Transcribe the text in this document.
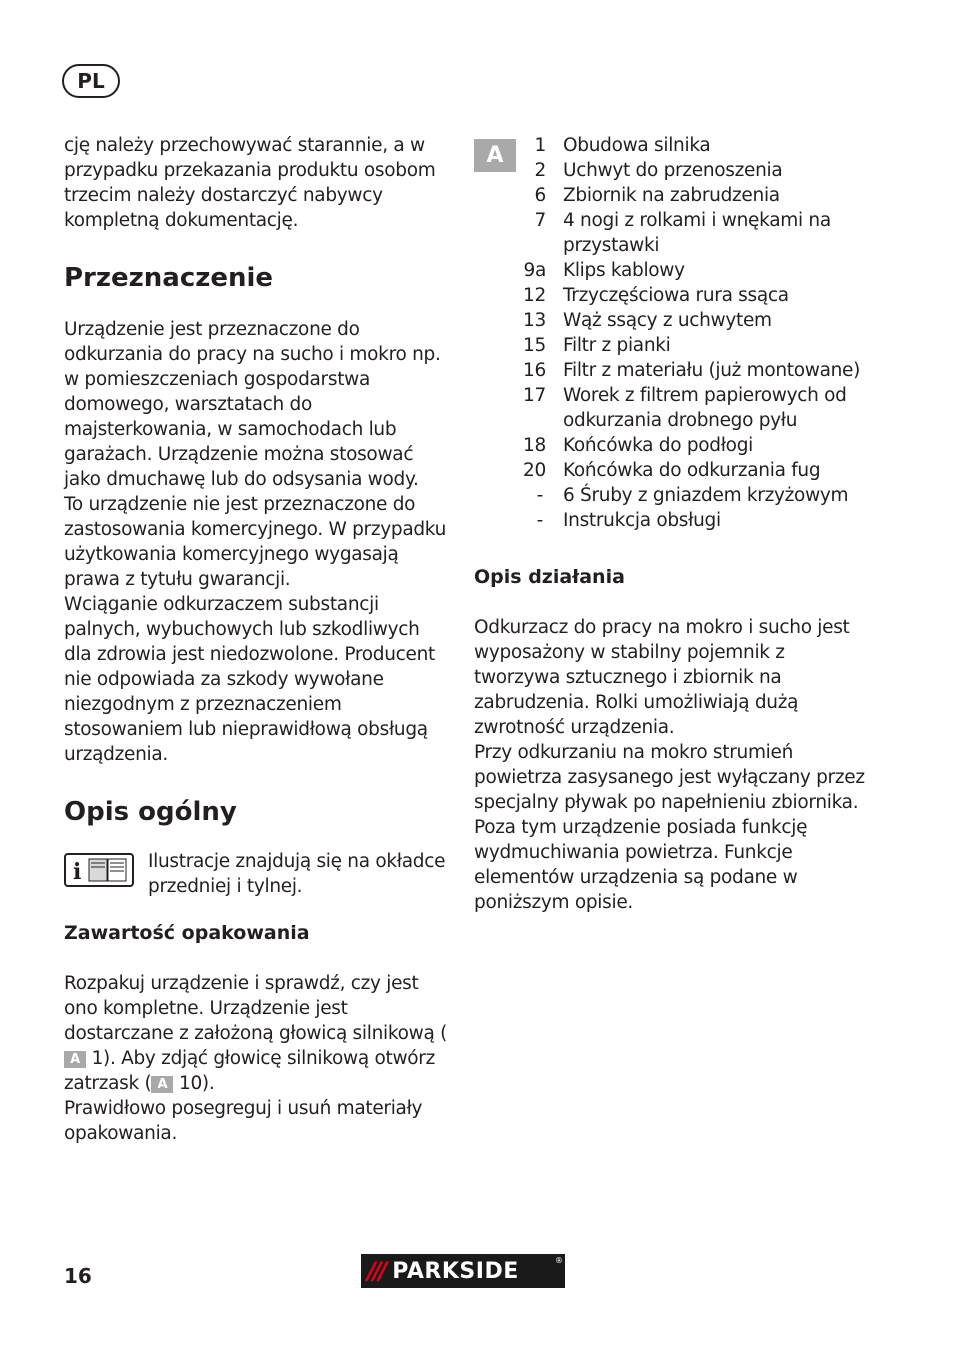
PL

cję należy przechowywać starannie, a w przypadku przekazania produktu osobom trzecim należy dostarczyć nabywcy kompletną dokumentację.

Przeznaczenie

Urządzenie jest przeznaczone do odkurzania do pracy na sucho i mokro np. w pomieszczeniach gospodarstwa domowego, warsztatach do majsterkowania, w samochodach lub garażach. Urządzenie można stosować jako dmuchawę lub do odsysania wody.

To urządzenie nie jest przeznaczone do zastosowania komercyjnego. W przypadku użytkowania komercyjnego wygasają prawa z tytułu gwarancji.

Wciąganie odkurzaczem substancji palnych, wybuchowych lub szkodliwych dla zdrowia jest niedozwolone. Producent nie odpowiada za szkody wywołane niezgodnym z przeznaczeniem stosowaniem lub nieprawidłową obsługą urządzenia.

Opis ogólny
i	Ilustracje znajdują się na okładce przedniej i tylnej.

Zawartość opakowania

Rozpakuj urządzenie i sprawdź, czy jest ono kompletne. Urządzenie jest dostarczane z założoną głowicą silnikową (A 1). Aby zdjąć głowicę silnikową otwórz zatrzask ( A 10).

Prawidłowo posegreguj i usuń materiały opakowania.

A	1 Obudowa silnika
2 Uchwyt do przenoszenia
6 Zbiornik na zabrudzenia
7 4 nogi z rolkami i wnękami na przystawki
9a Klips kablowy
12 Trzyczęściowa rura ssąca
13 Wąż ssący z uchwytem
15 Filtr z pianki
16 Filtr z materiału (już montowane)
17 Worek z filtrem papierowych od odkurzania drobnego pyłu
18 Końcówka do podłogi
20 Końcówka do odkurzania fug
- 6 Śruby z gniazdem krzyżowym
- Instrukcja obsługi
Opis działania

Odkurzacz do pracy na mokro i sucho jest wyposażony w stabilny pojemnik z tworzywa sztucznego i zbiornik na zabrudzenia. Rolki umożliwiają dużą zwrotność urządzenia.

Przy odkurzaniu na mokro strumień powietrza zasysanego jest wyłączany przez specjalny pływak po napełnieniu zbiornika.

Poza tym urządzenie posiada funkcję wydmuchiwania powietrza. Funkcje elementów urządzenia są podane w poniższym opisie.

16	/// PARKSIDE	®
